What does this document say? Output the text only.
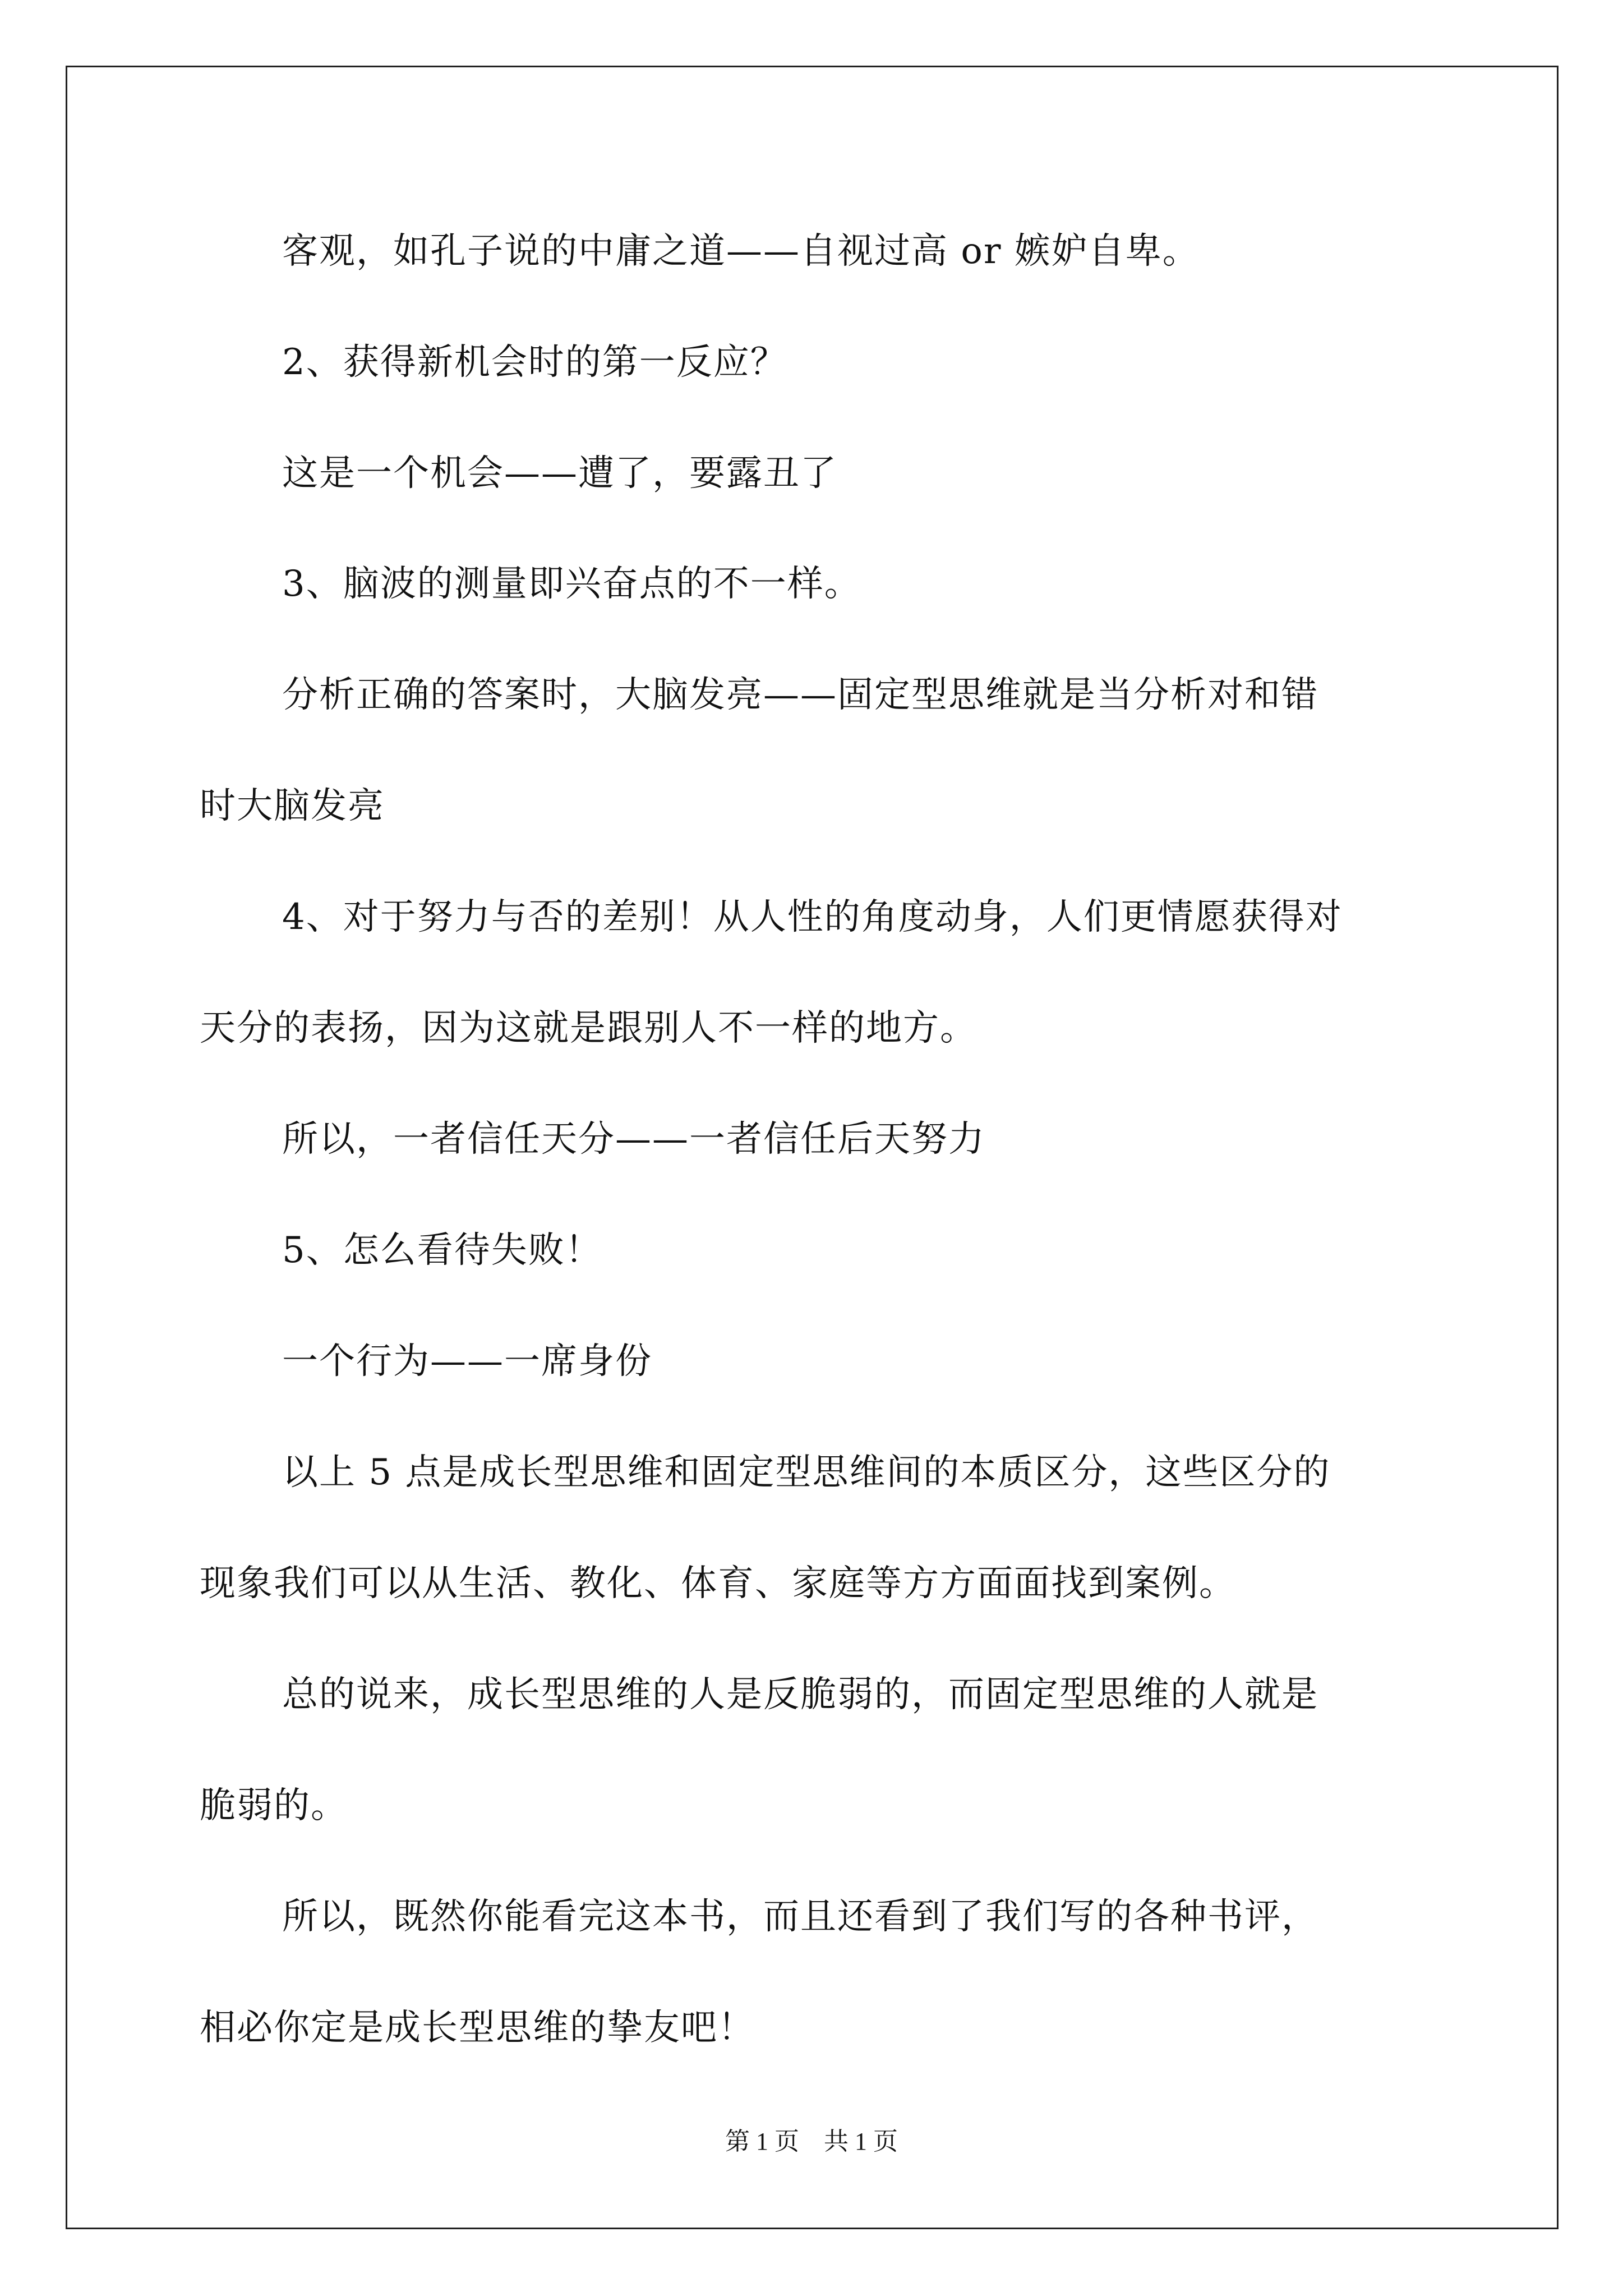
客观，如孔子说的中庸之道——自视过高 or 嫉妒自卑。
2、获得新机会时的第一反应？
这是一个机会——遭了，要露丑了
3、脑波的测量即兴奋点的不一样。
分析正确的答案时，大脑发亮——固定型思维就是当分析对和错
时大脑发亮
4、对于努力与否的差别！从人性的角度动身，人们更情愿获得对
天分的表扬，因为这就是跟别人不一样的地方。
所以，一者信任天分——一者信任后天努力
5、怎么看待失败！
一个行为——一席身份
以上 5 点是成长型思维和固定型思维间的本质区分，这些区分的
现象我们可以从生活、教化、体育、家庭等方方面面找到案例。
总的说来，成长型思维的人是反脆弱的，而固定型思维的人就是
脆弱的。
所以，既然你能看完这本书，而且还看到了我们写的各种书评，
相必你定是成长型思维的挚友吧！
第 1 页 共 1 页
